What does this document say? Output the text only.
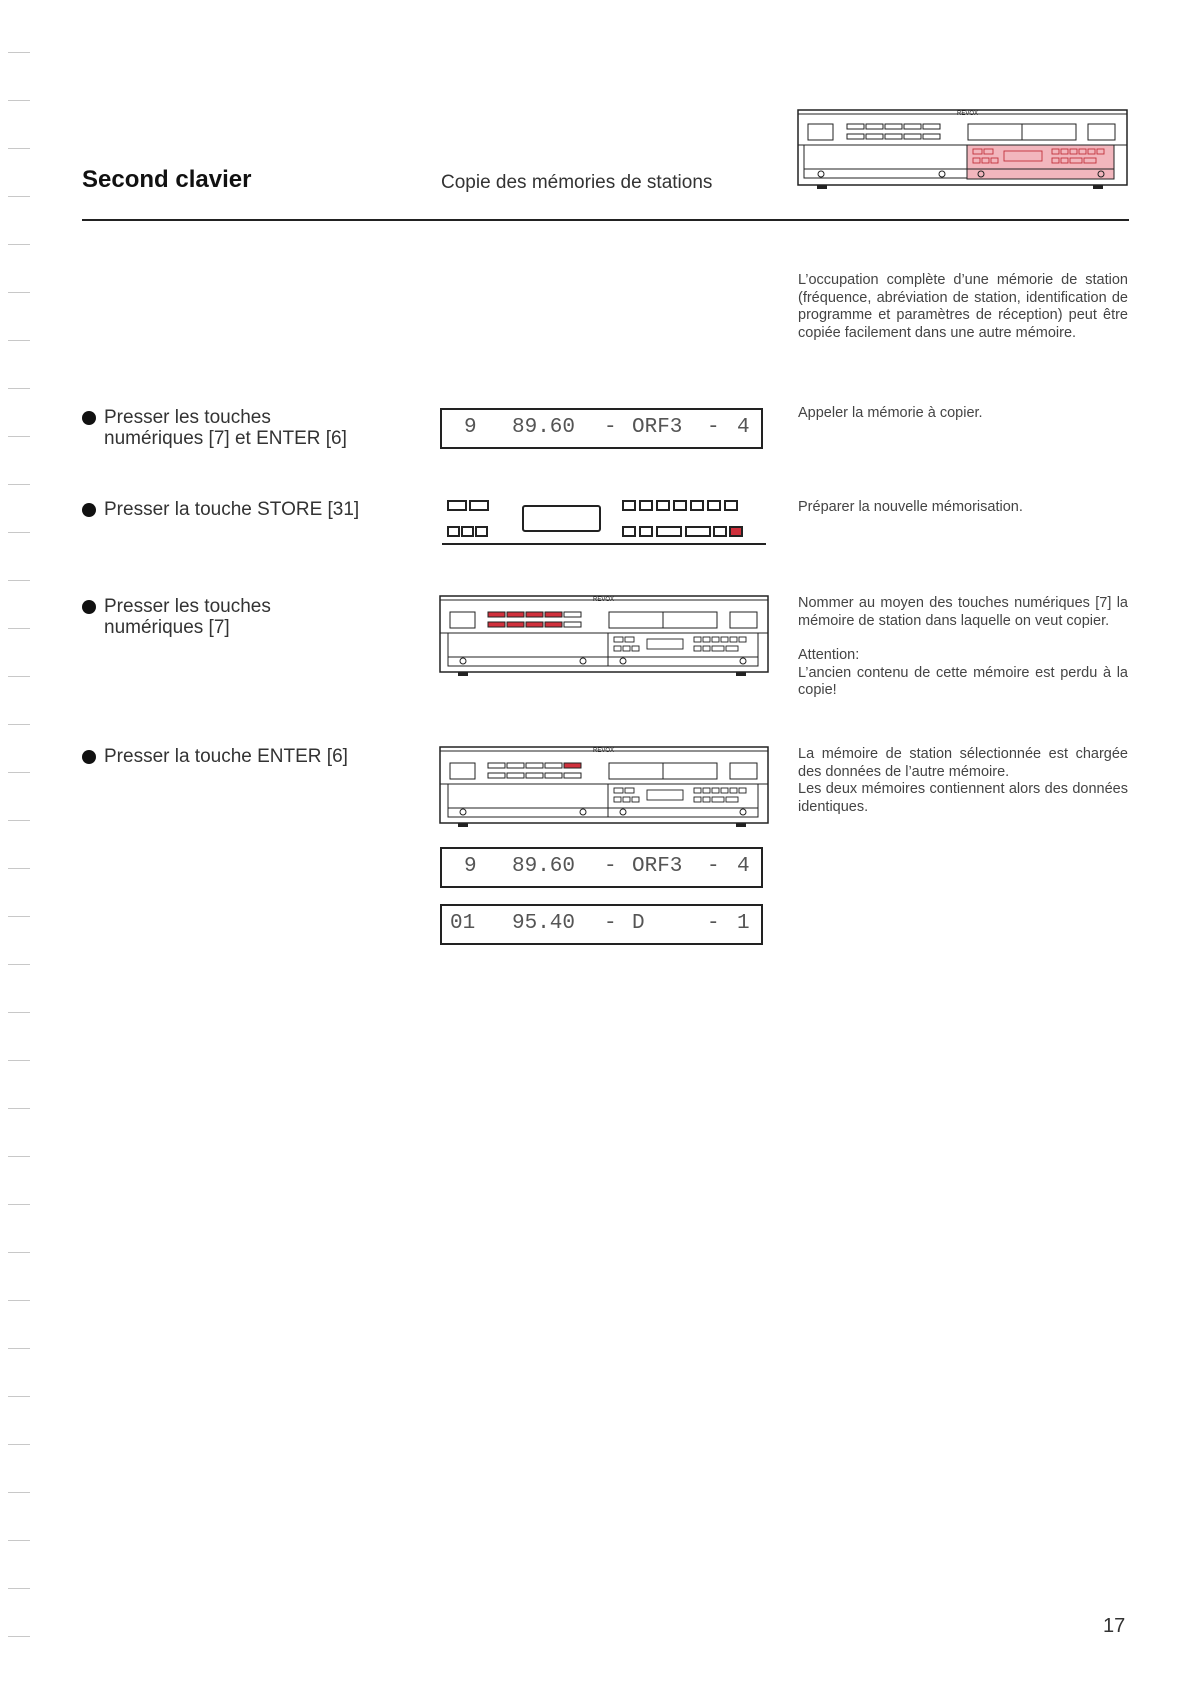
Second clavier	Copie des mémories de stations
REVOX
L’occupation complète d’une mémorie de station (fréquence, abréviation de station, identification de programme et paramètres de réception) peut être copiée facilement dans une autre mémoire.
Presser les touches
numériques [7] et ENTER [6]	9 89.60 - ORF3 - 4
Appeler la mémorie à copier.
Presser la touche STORE [31]	Préparer la nouvelle mémorisation.
Presser les touches
numériques [7]
REVOX	Nommer au moyen des touches numériques [7] la mémoire de station dans laquelle on veut copier.
Attention:
L’ancien contenu de cette mémoire est perdu à la copie!
Presser la touche ENTER [6]	REVOX	La mémoire de station sélectionnée est chargée des données de l’autre mémoire.
Les deux mémoires contiennent alors des données identiques.
9 89.60 - ORF3 - 4
01 95.40 - D	- 1
17
